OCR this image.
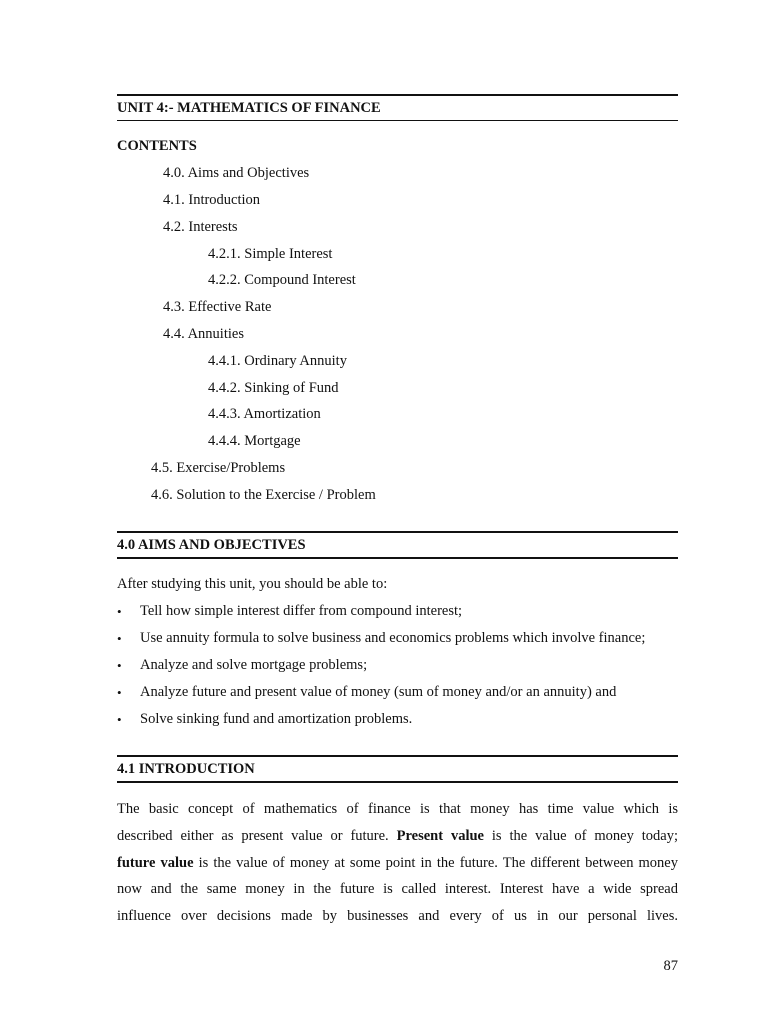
UNIT 4:- MATHEMATICS OF FINANCE
CONTENTS
4.0. Aims and Objectives
4.1. Introduction
4.2. Interests
4.2.1. Simple Interest
4.2.2. Compound Interest
4.3. Effective Rate
4.4. Annuities
4.4.1. Ordinary Annuity
4.4.2. Sinking of Fund
4.4.3. Amortization
4.4.4. Mortgage
4.5. Exercise/Problems
4.6. Solution to the Exercise / Problem
4.0 AIMS AND OBJECTIVES
After studying this unit, you should be able to:
•	Tell how simple interest differ from compound interest;
•	Use annuity formula to solve business and economics problems which involve finance;
•	Analyze and solve mortgage problems;
•	Analyze future and present value of money (sum of money and/or an annuity) and
•	Solve sinking fund and amortization problems.
4.1 INTRODUCTION
The basic concept of mathematics of finance is that money has time value which is
described either as present value or future. Present value is the value of money today;
future value is the value of money at some point in the future. The different between money
now and the same money in the future is called interest. Interest have a wide spread
influence over decisions made by businesses and every of us in our personal lives.
87
